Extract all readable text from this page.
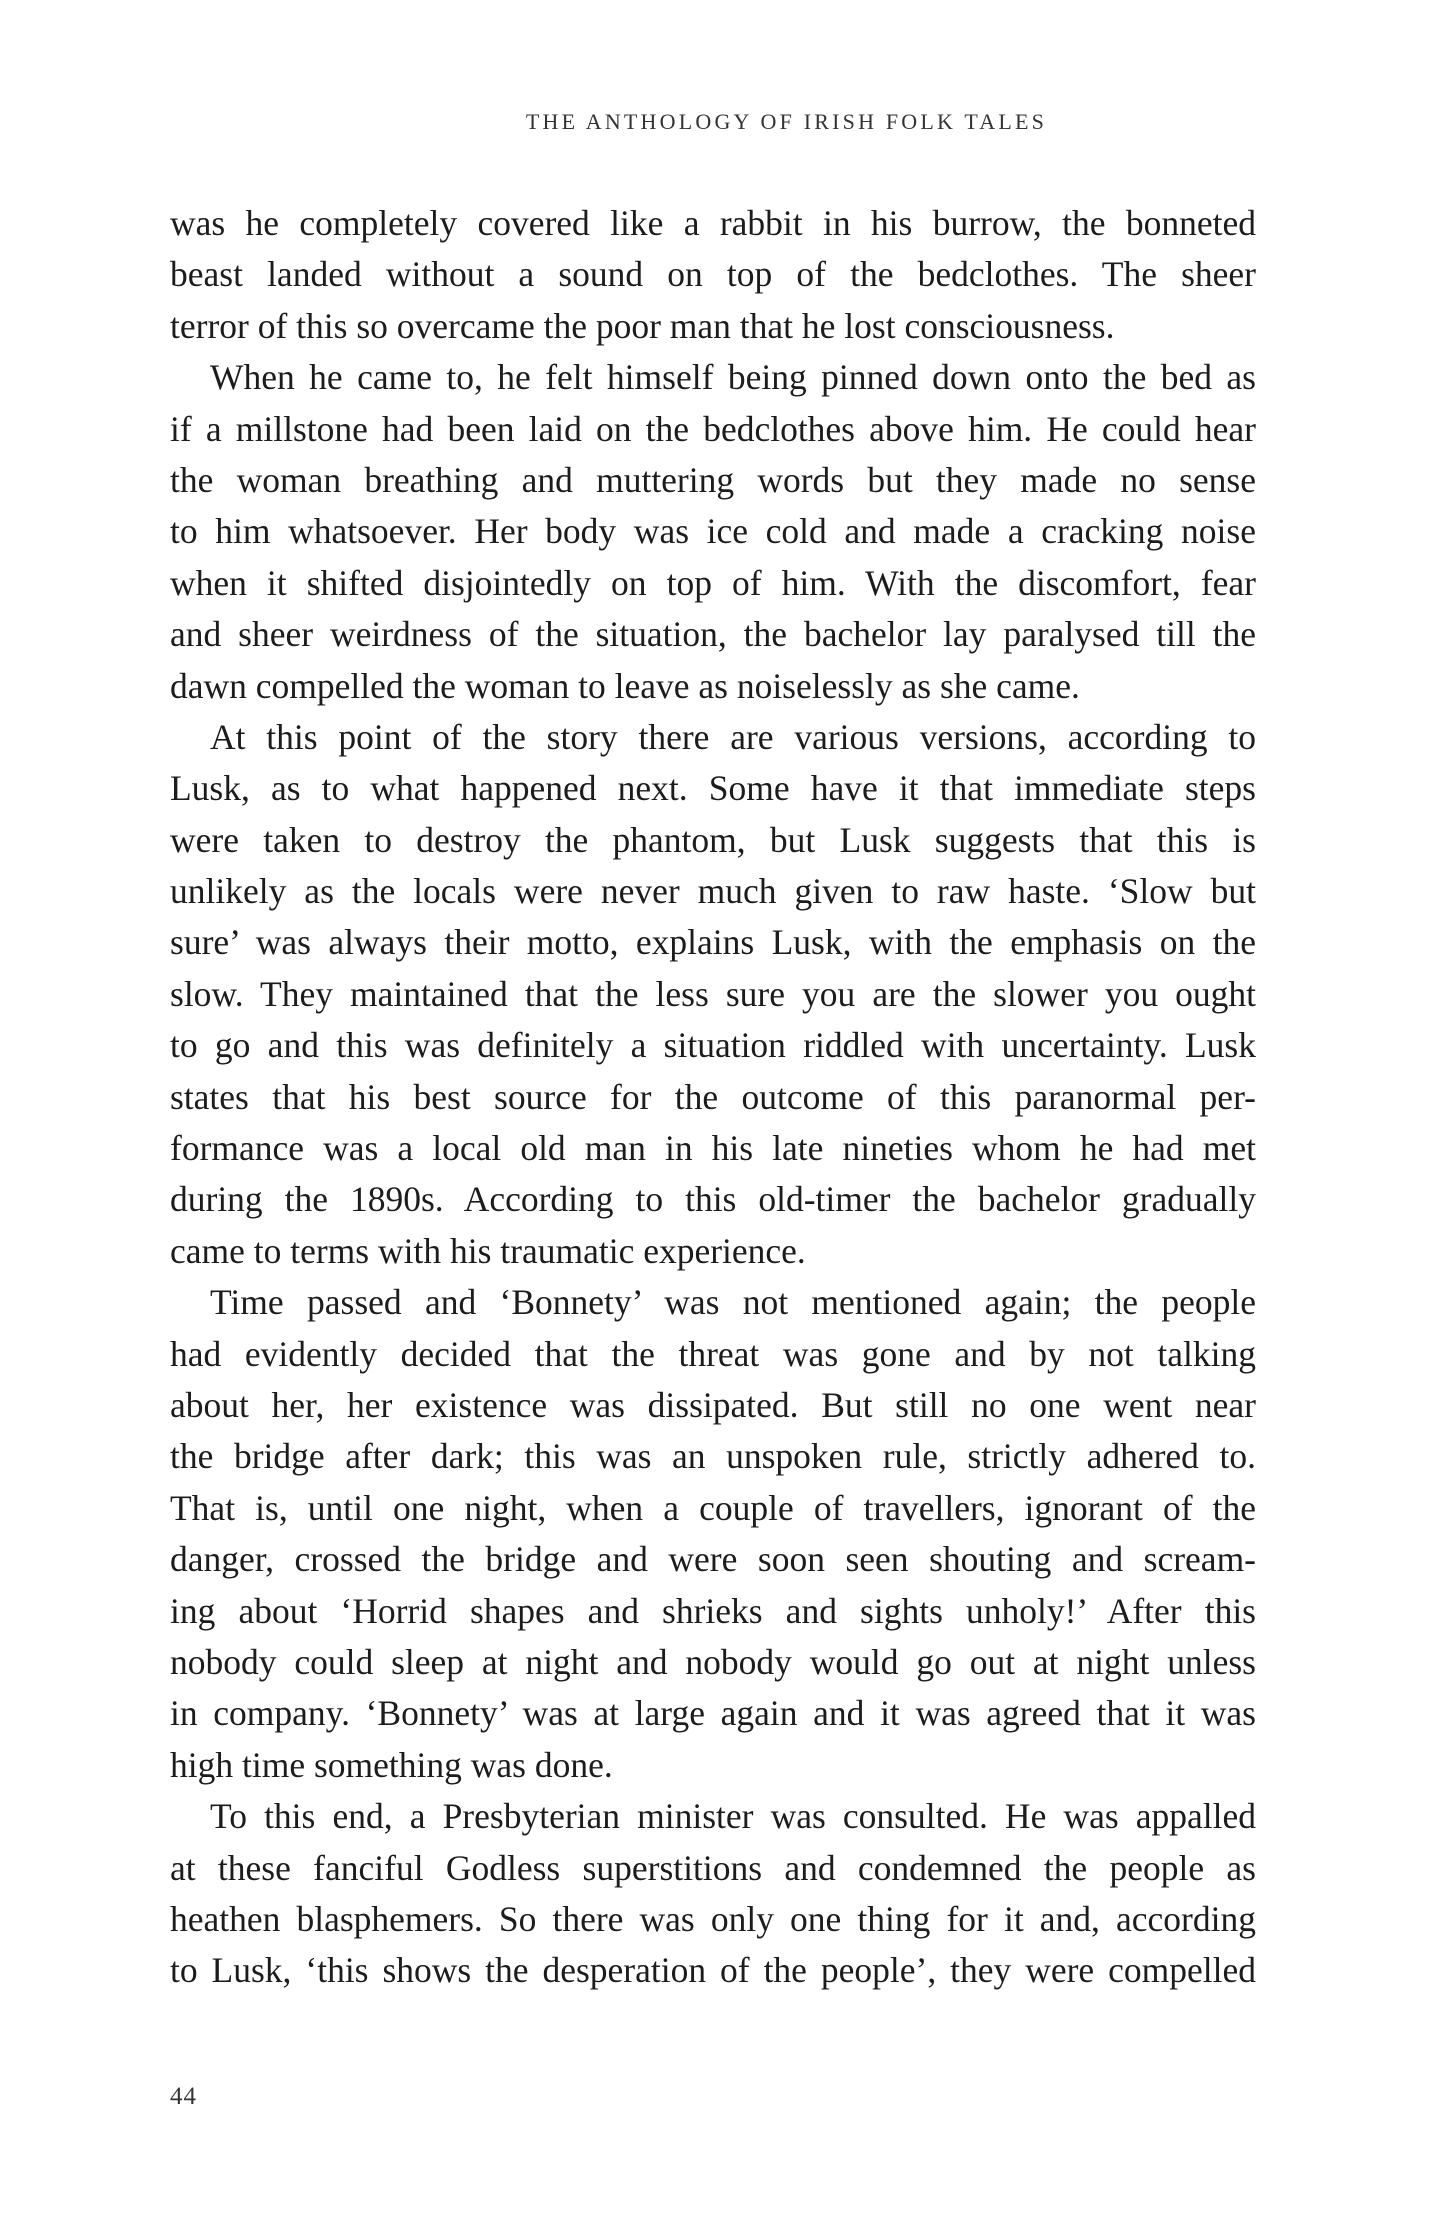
THE ANTHOLOGY OF IRISH FOLK TALES
was he completely covered like a rabbit in his burrow, the bonneted
beast landed without a sound on top of the bedclothes. The sheer
terror of this so overcame the poor man that he lost consciousness.
When he came to, he felt himself being pinned down onto the bed as
if a millstone had been laid on the bedclothes above him. He could hear
the woman breathing and muttering words but they made no sense
to him whatsoever. Her body was ice cold and made a cracking noise
when it shifted disjointedly on top of him. With the discomfort, fear
and sheer weirdness of the situation, the bachelor lay paralysed till the
dawn compelled the woman to leave as noiselessly as she came.
At this point of the story there are various versions, according to
Lusk, as to what happened next. Some have it that immediate steps
were taken to destroy the phantom, but Lusk suggests that this is
unlikely as the locals were never much given to raw haste. ‘Slow but
sure’ was always their motto, explains Lusk, with the emphasis on the
slow. They maintained that the less sure you are the slower you ought
to go and this was definitely a situation riddled with uncertainty. Lusk
states that his best source for the outcome of this paranormal per-
formance was a local old man in his late nineties whom he had met
during the 1890s. According to this old-timer the bachelor gradually
came to terms with his traumatic experience.
Time passed and ‘Bonnety’ was not mentioned again; the people
had evidently decided that the threat was gone and by not talking
about her, her existence was dissipated. But still no one went near
the bridge after dark; this was an unspoken rule, strictly adhered to.
That is, until one night, when a couple of travellers, ignorant of the
danger, crossed the bridge and were soon seen shouting and scream-
ing about ‘Horrid shapes and shrieks and sights unholy!’ After this
nobody could sleep at night and nobody would go out at night unless
in company. ‘Bonnety’ was at large again and it was agreed that it was
high time something was done.
To this end, a Presbyterian minister was consulted. He was appalled
at these fanciful Godless superstitions and condemned the people as
heathen blasphemers. So there was only one thing for it and, according
to Lusk, ‘this shows the desperation of the people’, they were compelled
44
